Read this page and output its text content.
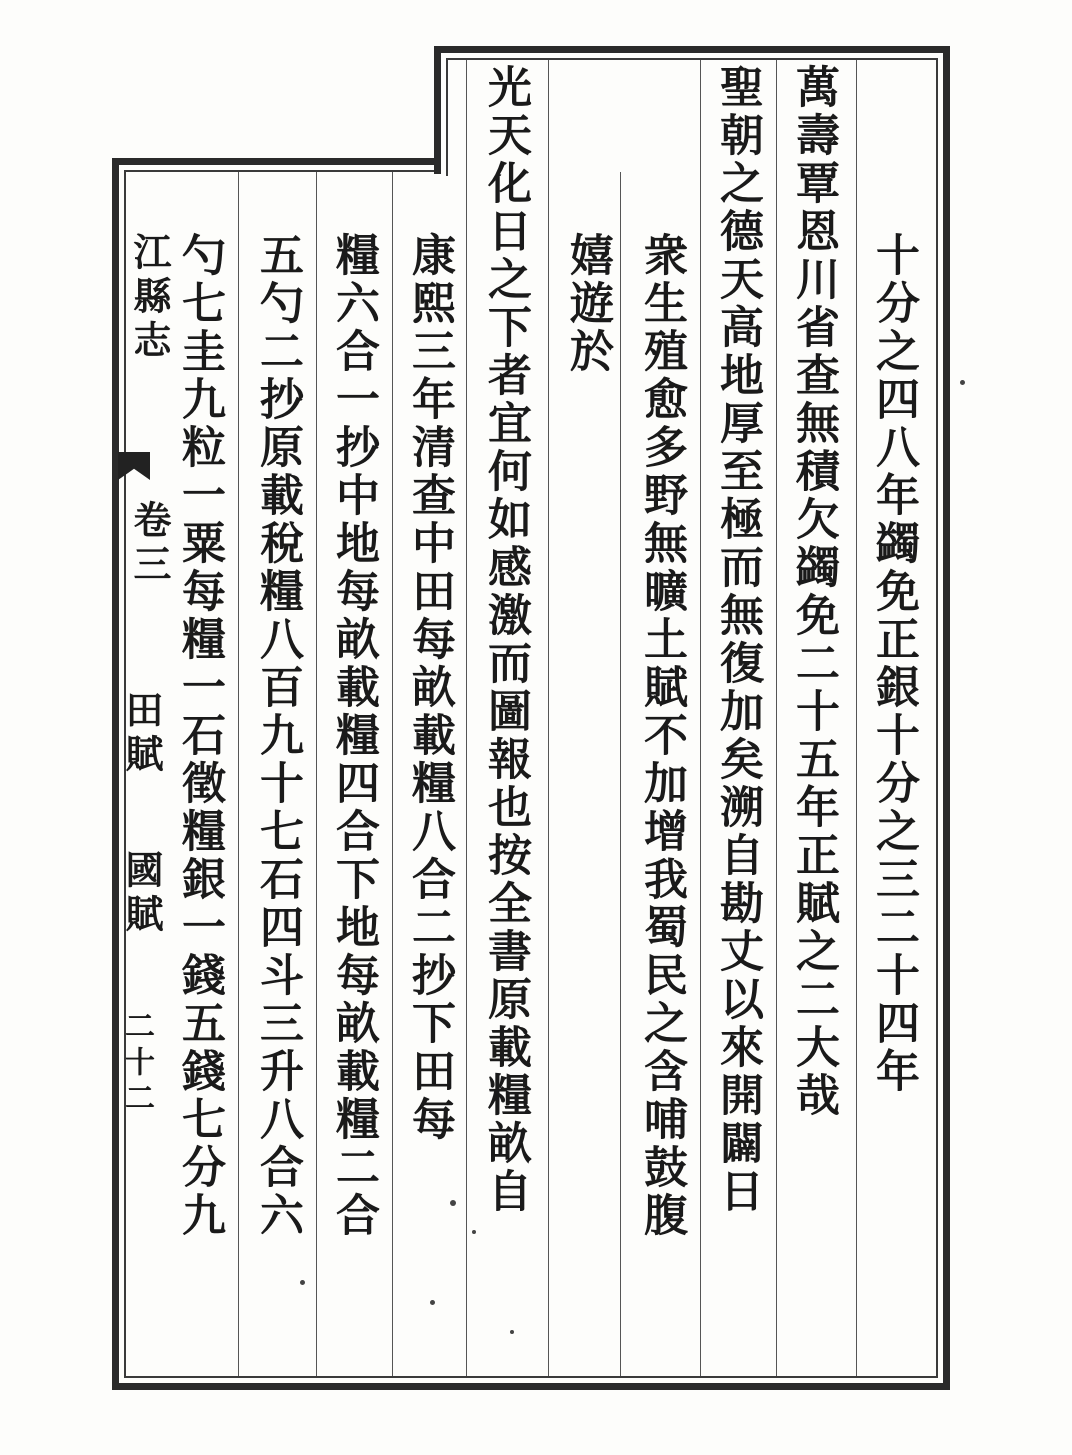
十分之四八年蠲免正銀十分之三二十四年
萬壽覃恩川省查無積欠蠲免二十五年正賦之二大哉
聖朝之德天高地厚至極而無復加矣溯自勘丈以來開闢日
衆生殖愈多野無曠土賦不加增我蜀民之含哺鼓腹
嬉遊於
光天化日之下者宜何如感激而圖報也按全書原載糧畝自
康熙三年清查中田每畝載糧八合二抄下田每
糧六合一抄中地每畝載糧四合下地每畝載糧二合
五勺二抄原載稅糧八百九十七石四斗三升八合六
勺七圭九粒一粟每糧一石徵糧銀一錢五錢七分九
江縣志
卷三
田賦
國賦
二十二
